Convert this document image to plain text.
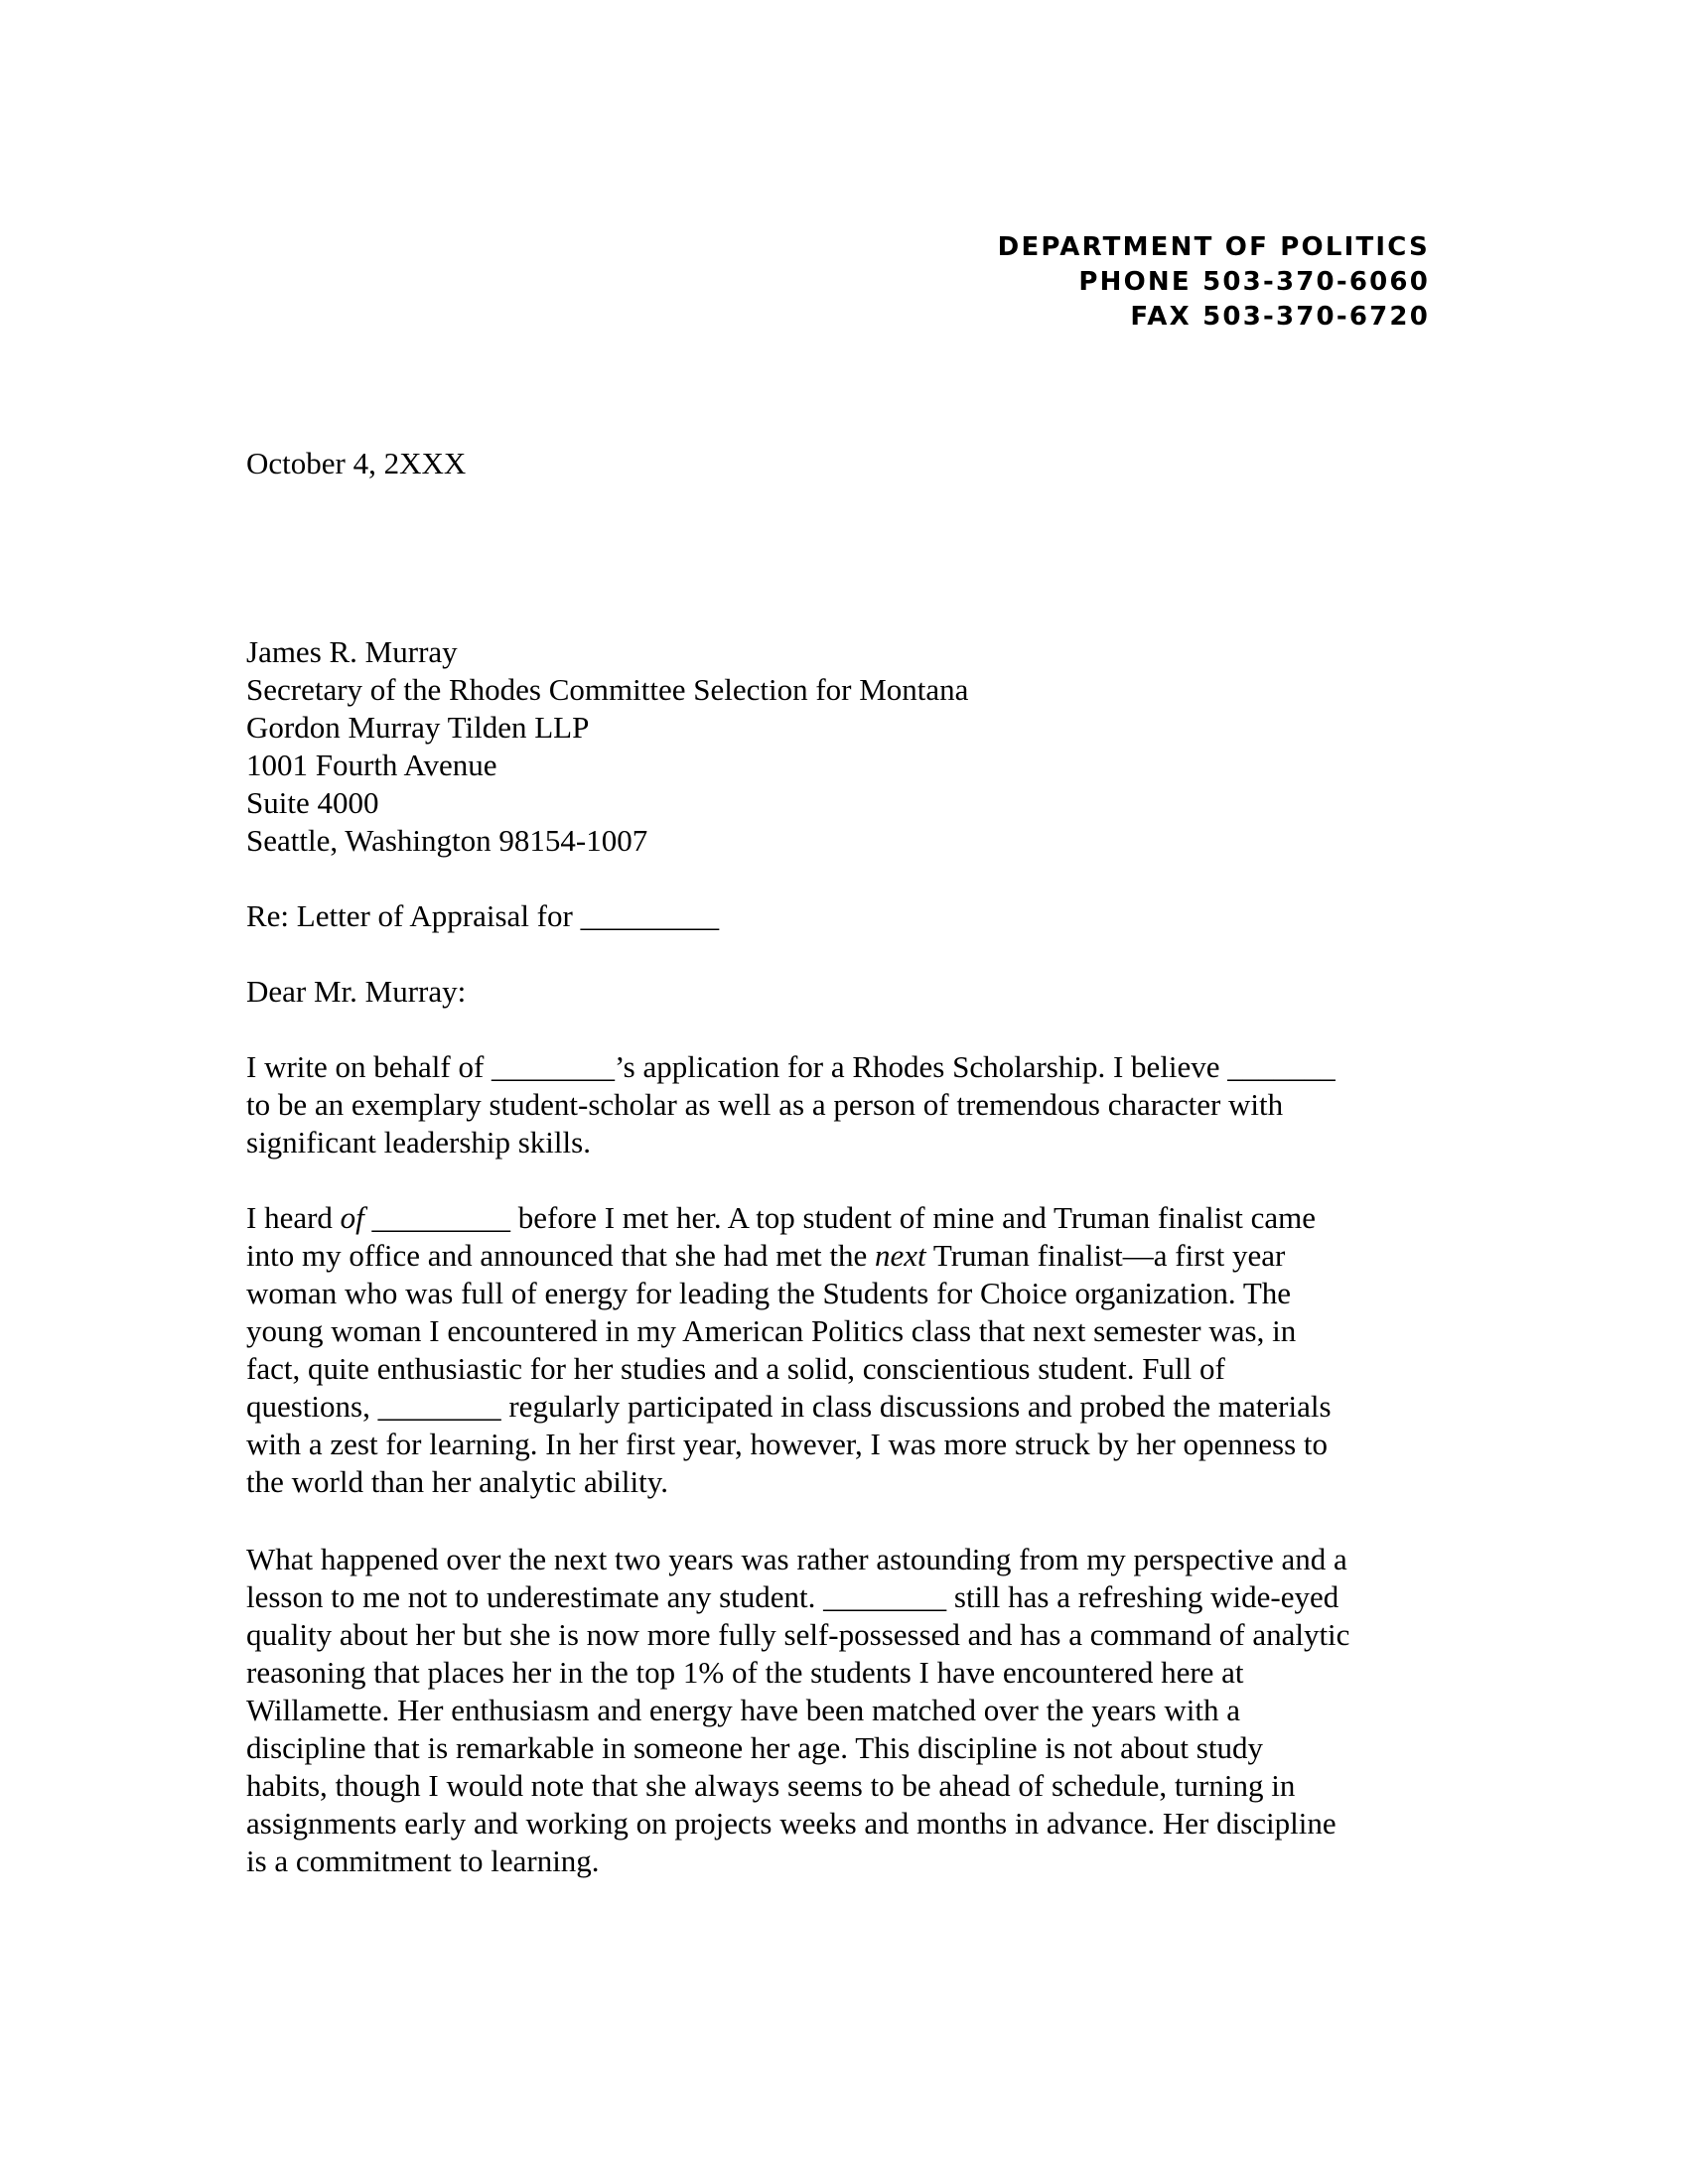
DEPARTMENT OF POLITICS
PHONE 503-370-6060
FAX 503-370-6720
October 4, 2XXX
James R. Murray
Secretary of the Rhodes Committee Selection for Montana
Gordon Murray Tilden LLP
1001 Fourth Avenue
Suite 4000
Seattle, Washington 98154-1007
Re: Letter of Appraisal for _________
Dear Mr. Murray:
I write on behalf of ________’s application for a Rhodes Scholarship. I believe _______
to be an exemplary student-scholar as well as a person of tremendous character with
significant leadership skills.
I heard of _________ before I met her. A top student of mine and Truman finalist came
into my office and announced that she had met the next Truman finalist—a first year
woman who was full of energy for leading the Students for Choice organization. The
young woman I encountered in my American Politics class that next semester was, in
fact, quite enthusiastic for her studies and a solid, conscientious student. Full of
questions, ________ regularly participated in class discussions and probed the materials
with a zest for learning. In her first year, however, I was more struck by her openness to
the world than her analytic ability.
What happened over the next two years was rather astounding from my perspective and a
lesson to me not to underestimate any student. ________ still has a refreshing wide-eyed
quality about her but she is now more fully self-possessed and has a command of analytic
reasoning that places her in the top 1% of the students I have encountered here at
Willamette. Her enthusiasm and energy have been matched over the years with a
discipline that is remarkable in someone her age. This discipline is not about study
habits, though I would note that she always seems to be ahead of schedule, turning in
assignments early and working on projects weeks and months in advance. Her discipline
is a commitment to learning.
